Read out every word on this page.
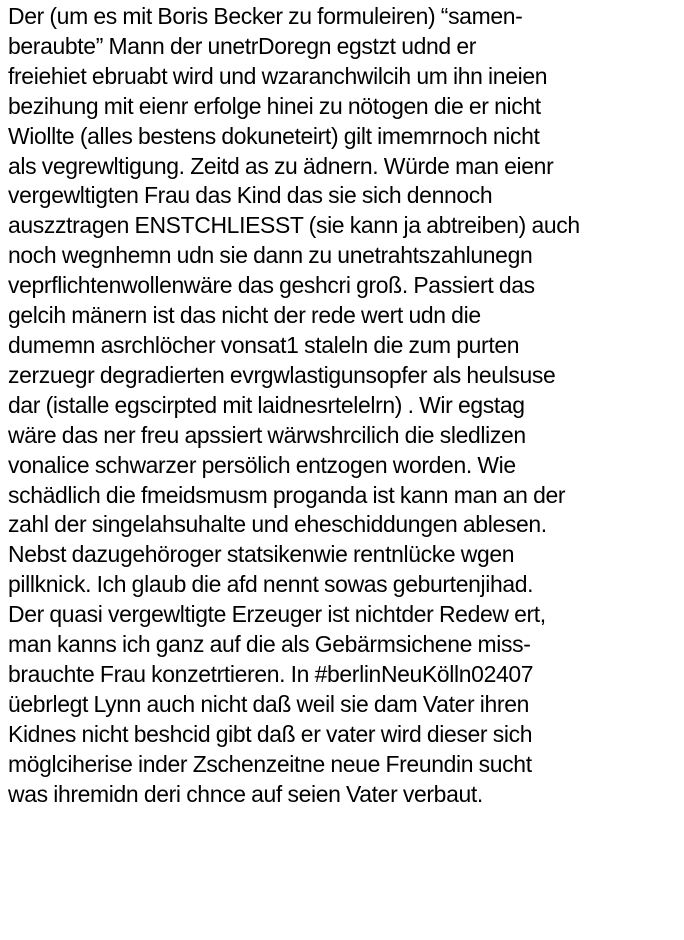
Der (um es mit Boris Becker zu formuleiren) “samen-
beraubte” Mann der unetrDoregn egstzt udnd er
freiehiet ebruabt wird und wzaranchwilcih um ihn ineien
bezihung mit eienr erfolge hinei zu nötogen die er nicht
Wiollte (alles bestens dokuneteirt) gilt imemrnoch nicht
als vegrewltigung. Zeitd as zu ädnern. Würde man eienr
vergewltigten Frau das Kind das sie sich dennoch
auszztragen ENSTCHLIESST (sie kann ja abtreiben) auch
noch wegnhemn udn sie dann zu unetrahtszahlunegn
veprflichtenwollenwäre das geshcri groß. Passiert das
gelcih mänern ist das nicht der rede wert udn die
dumemn asrchlöcher vonsat1 staleln die zum purten
zerzuegr degradierten evrgwlastigunsopfer als heulsuse
dar (istalle egscirpted mit laidnesrtelelrn) . Wir egstag
wäre das ner freu apssiert wärwshrcilich die sledlizen
vonalice schwarzer persölich entzogen worden. Wie
schädlich die fmeidsmusm proganda ist kann man an der
zahl der singelahsuhalte und eheschiddungen ablesen.
Nebst dazugehöroger statsikenwie rentnlücke wgen
pillknick. Ich glaub die afd nennt sowas geburtenjihad.
Der quasi vergewltigte Erzeuger ist nichtder Redew ert,
man kanns ich ganz auf die als Gebärmsichene miss-
brauchte Frau konzetrtieren. In #berlinNeuKölln02407
üebrlegt Lynn auch nicht daß weil sie dam Vater ihren
Kidnes nicht beshcid gibt daß er vater wird dieser sich
möglciherise inder Zschenzeitne neue Freundin sucht
was ihremidn deri chnce auf seien Vater verbaut.
